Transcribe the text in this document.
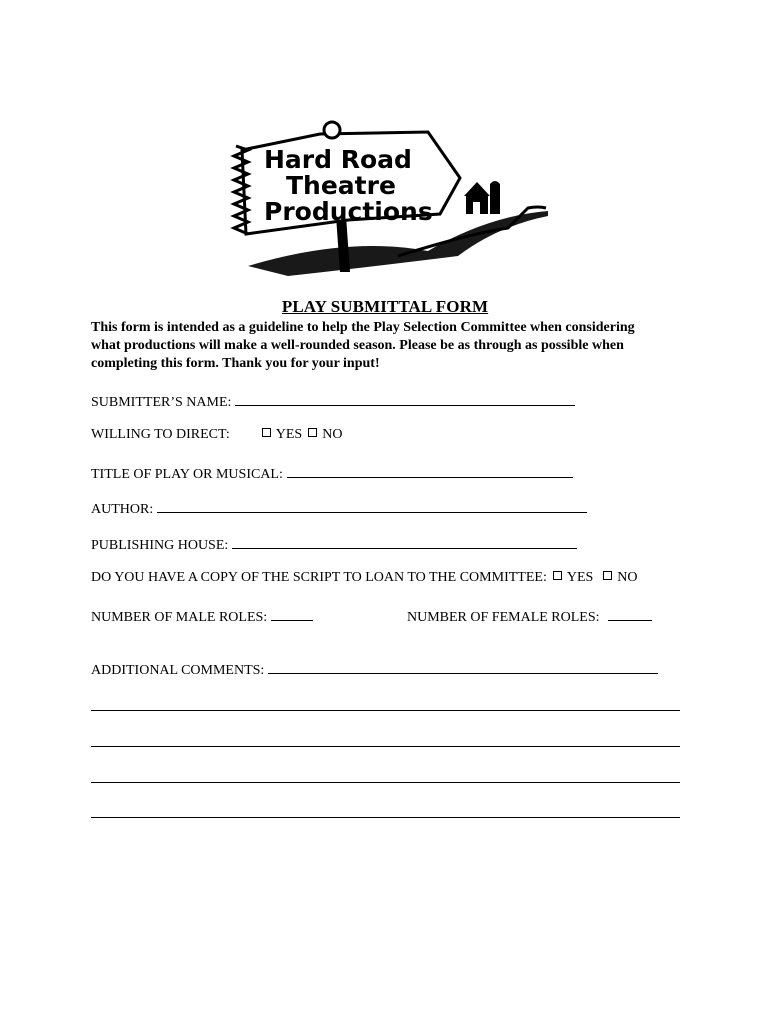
Hard Road
Theatre
Productions
PLAY SUBMITTAL FORM
This form is intended as a guideline to help the Play Selection Committee when considering
what productions will make a well-rounded season. Please be as through as possible when
completing this form. Thank you for your input!
SUBMITTER’S NAME:
WILLING TO DIRECT:	YES NO
TITLE OF PLAY OR MUSICAL:
AUTHOR:
PUBLISHING HOUSE:
DO YOU HAVE A COPY OF THE SCRIPT TO LOAN TO THE COMMITTEE: YES NO
NUMBER OF MALE ROLES:	NUMBER OF FEMALE ROLES:
ADDITIONAL COMMENTS:
